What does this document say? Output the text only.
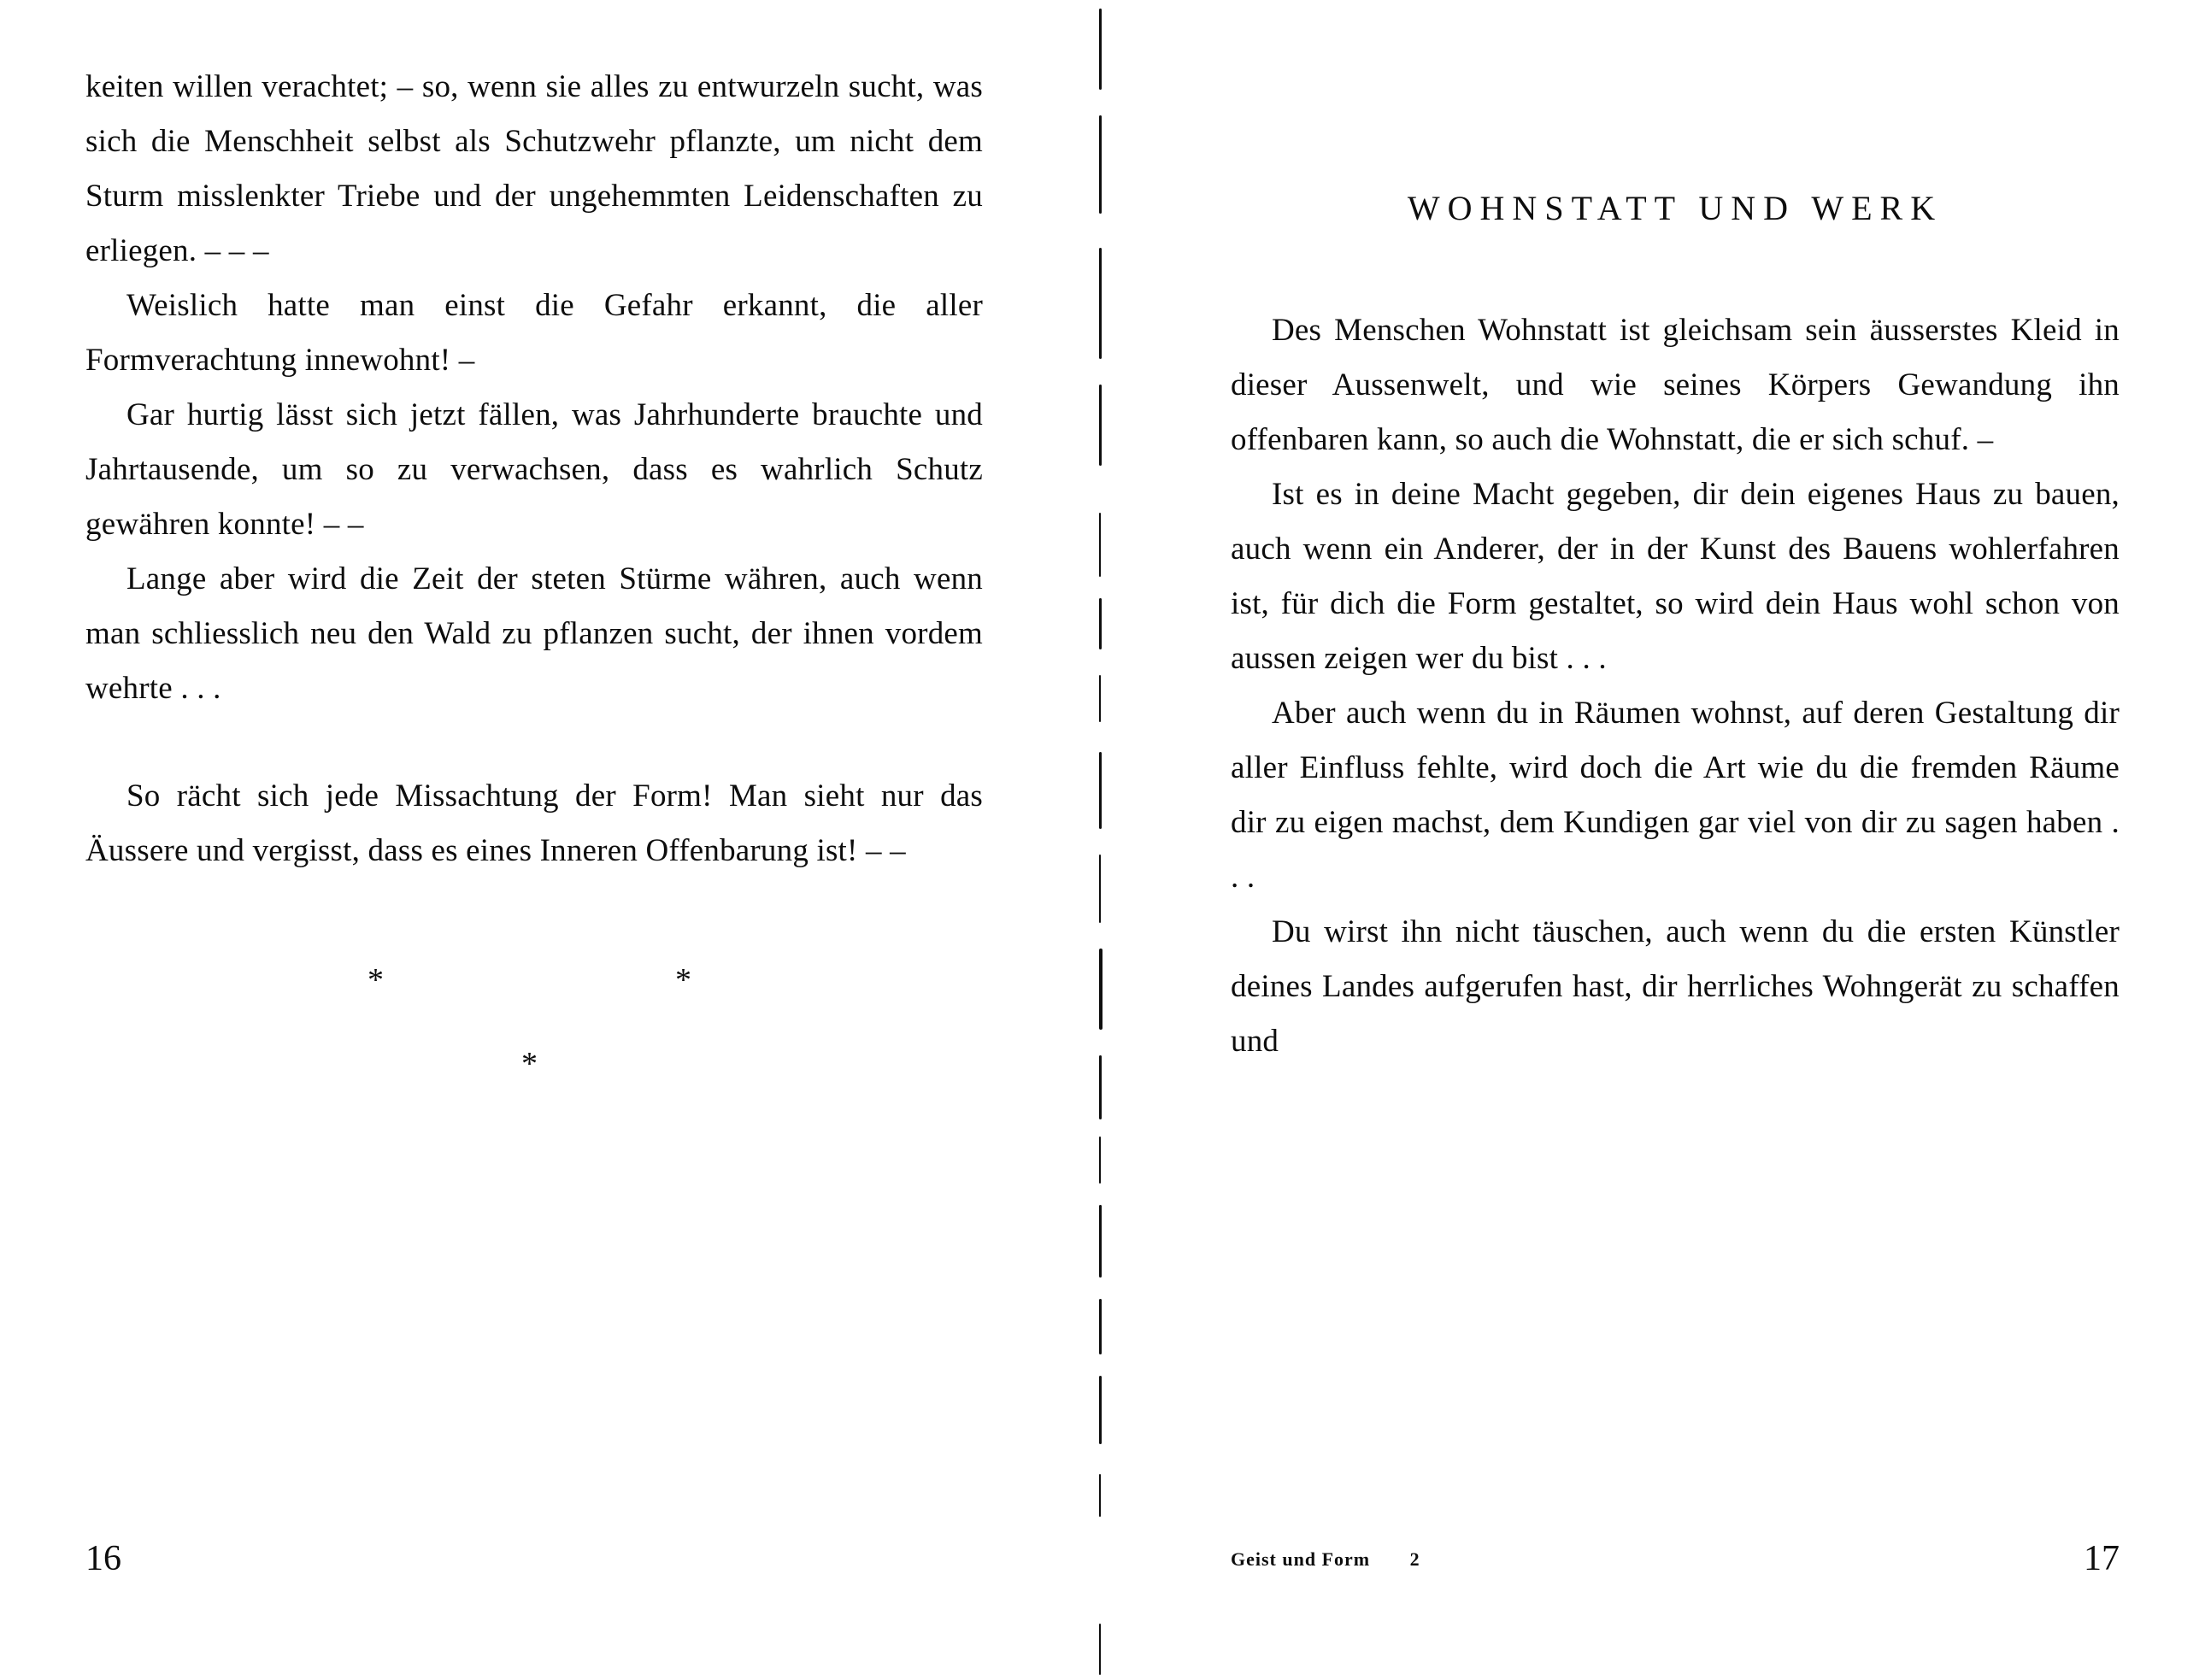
keiten willen verachtet; – so, wenn sie alles zu entwurzeln sucht, was sich die Menschheit selbst als Schutzwehr pflanzte, um nicht dem Sturm misslenkter Triebe und der ungehemmten Leidenschaften zu erliegen. – – –

Weislich hatte man einst die Gefahr erkannt, die aller Formverachtung innewohnt! –

Gar hurtig lässt sich jetzt fällen, was Jahrhunderte brauchte und Jahrtausende, um so zu verwachsen, dass es wahrlich Schutz gewähren konnte! – –

Lange aber wird die Zeit der steten Stürme währen, auch wenn man schliesslich neu den Wald zu pflanzen sucht, der ihnen vordem wehrte . . .

So rächt sich jede Missachtung der Form! Man sieht nur das Äussere und vergisst, dass es eines Inneren Offenbarung ist! – –

*	*
*
16
WOHNSTATT UND WERK

Des Menschen Wohnstatt ist gleichsam sein äusserstes Kleid in dieser Aussenwelt, und wie seines Körpers Gewandung ihn offenbaren kann, so auch die Wohnstatt, die er sich schuf. –

Ist es in deine Macht gegeben, dir dein eigenes Haus zu bauen, auch wenn ein Anderer, der in der Kunst des Bauens wohlerfahren ist, für dich die Form gestaltet, so wird dein Haus wohl schon von aussen zeigen wer du bist . . .

Aber auch wenn du in Räumen wohnst, auf deren Gestaltung dir aller Einfluss fehlte, wird doch die Art wie du die fremden Räume dir zu eigen machst, dem Kundigen gar viel von dir zu sagen haben . . .

Du wirst ihn nicht täuschen, auch wenn du die ersten Künstler deines Landes aufgerufen hast, dir herrliches Wohngerät zu schaffen und

Geist und Form 2	17
